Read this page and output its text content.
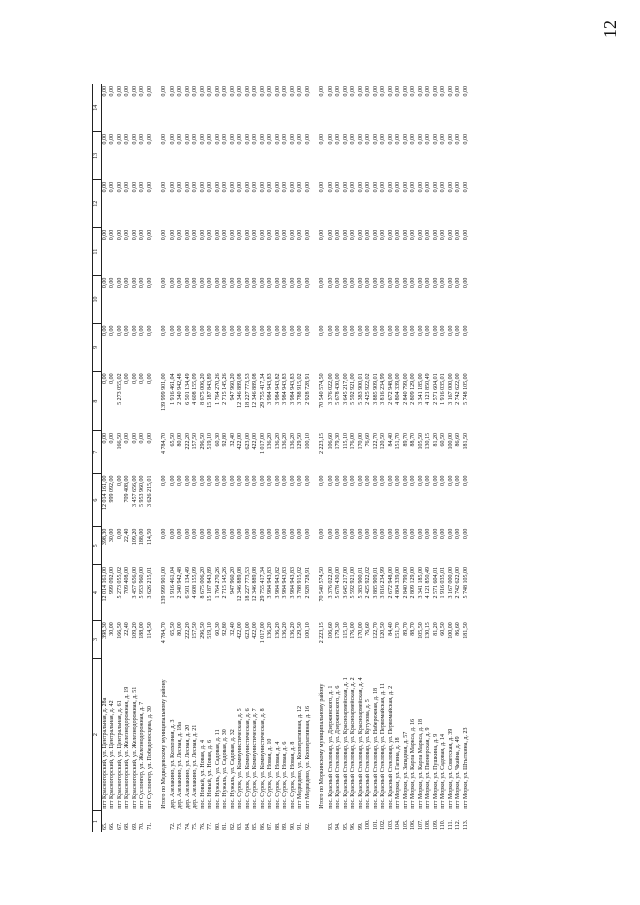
12
1	2	3	4	5	6	7	8	9	10	11	12	13	14
65.	пгт Красногорский, ул. Центральная, д. 28а	398,30	12 014 161,00	398,30	12 014 161,00	0,00	0,00	0,00	0,00	0,00	0,00	0,00	0,00
66.	пгт Красногорский, ул. Центральная, д. 42	30,00	999 092,00	30,00	999 092,00	0,00	0,00	0,00	0,00	0,00	0,00	0,00	0,00
67.	пгт Красногорский, ул. Центральная, д. 61	166,50	5 273 055,02	0,00	0,00	166,50	5 273 055,02	0,00	0,00	0,00	0,00	0,00	0,00
68.	пгт Красногорский, ул. Железнодорожная, д. 19	22,40	709 408,00	22,40	709 408,00	0,00	0,00	0,00	0,00	0,00	0,00	0,00	0,00
69.	пгт Красногорский, ул. Железнодорожная, д. 51	109,20	3 457 656,00	109,20	3 457 656,00	0,00	0,00	0,00	0,00	0,00	0,00	0,00	0,00
70.	пгт Суслонгер, ул. Железнодорожная, д. 7	188,00	5 953 960,00	188,00	5 953 960,00	0,00	0,00	0,00	0,00	0,00	0,00	0,00	0,00
71.	пгт Суслонгер, ул. Победоносцева, д. 30	114,50	3 626 215,01	114,50	3 626 215,01	0,00	0,00	0,00	0,00	0,00	0,00	0,00	0,00

	Итого по Медведевскому муниципальному району	4 784,70	139 999 901,00	0,00	0,00	4 784,70	139 999 901,00	0,00	0,00	0,00	0,00	0,00	0,00
72.	дер. Азелакино, ул. Колхозная, д. 3	65,50	1 916 461,04	0,00	0,00	65,50	1 916 461,04	0,00	0,00	0,00	0,00	0,00	0,00
73.	дер. Азелакино, ул. Лесная, д. 18а	80,00	2 340 942,48	0,00	0,00	80,00	2 340 942,48	0,00	0,00	0,00	0,00	0,00	0,00
74.	дер. Азелакино, ул. Лесная, д. 20	222,20	6 501 134,49	0,00	0,00	222,20	6 501 134,49	0,00	0,00	0,00	0,00	0,00	0,00
75.	дер. Азелакино, ул. Лесная, д. 21	157,50	4 608 155,09	0,00	0,00	157,50	4 608 155,09	0,00	0,00	0,00	0,00	0,00	0,00
76.	пос. Новый, ул. Новая, д. 4	296,50	8 675 006,20	0,00	0,00	296,50	8 675 006,20	0,00	0,00	0,00	0,00	0,00	0,00
77.	пос. Новый, ул. Новая, д. 6	519,10	15 187 843,89	0,00	0,00	519,10	15 187 843,89	0,00	0,00	0,00	0,00	0,00	0,00
80.	пос. Нужаль, ул. Садовая, д. 11	60,30	1 764 270,26	0,00	0,00	60,30	1 764 270,26	0,00	0,00	0,00	0,00	0,00	0,00
81.	пос. Нужаль, ул. Садовая, д. 30	92,80	2 715 145,26	0,00	0,00	92,80	2 715 145,26	0,00	0,00	0,00	0,00	0,00	0,00
82.	пос. Нужаль, ул. Садовая, д. 32	32,40	947 960,20	0,00	0,00	32,40	947 960,20	0,00	0,00	0,00	0,00	0,00	0,00
83.	пос. Сурок, ул. Коммунистическая, д. 5	422,00	12 346 889,08	0,00	0,00	422,00	12 346 889,08	0,00	0,00	0,00	0,00	0,00	0,00
84.	пос. Сурок, ул. Коммунистическая, д. 6	623,00	18 227 773,53	0,00	0,00	623,00	18 227 773,53	0,00	0,00	0,00	0,00	0,00	0,00
85.	пос. Сурок, ул. Коммунистическая, д. 7	422,00	12 346 889,08	0,00	0,00	422,00	12 346 889,08	0,00	0,00	0,00	0,00	0,00	0,00
86.	пос. Сурок, ул. Коммунистическая, д. 8	1 017,00	29 755 417,34	0,00	0,00	1 017,00	29 755 417,34	0,00	0,00	0,00	0,00	0,00	0,00
87.	пос. Сурок, ул. Новая, д. 10	136,20	3 984 943,83	0,00	0,00	136,20	3 984 943,83	0,00	0,00	0,00	0,00	0,00	0,00
88.	пос. Сурок, ул. Новая, д. 4	136,20	3 984 943,82	0,00	0,00	136,20	3 984 943,82	0,00	0,00	0,00	0,00	0,00	0,00
89.	пос. Сурок, ул. Новая, д. 6	136,20	3 984 943,83	0,00	0,00	136,20	3 984 943,83	0,00	0,00	0,00	0,00	0,00	0,00
90.	пос. Сурок, ул. Новая, д. 8	136,20	3 984 943,83	0,00	0,00	136,20	3 984 943,83	0,00	0,00	0,00	0,00	0,00	0,00
91.	пгт Медведево, ул. Кооперативная, д. 12	129,50	3 788 915,02	0,00	0,00	129,50	3 788 915,02	0,00	0,00	0,00	0,00	0,00	0,00
92.	пгт Медведево, ул. Кооперативная, д. 16	100,10	2 928 728,91	0,00	0,00	100,10	2 928 728,91	0,00	0,00	0,00	0,00	0,00	0,00

	Итого по Моркинскому муниципальному району	2 223,15	70 540 574,50	0,00	0,00	2 223,15	70 540 574,50	0,00	0,00	0,00	0,00	0,00	0,00
93.	пос. Красный Стекловар, ул. Дзержинского, д. 1	106,60	3 376 022,00	0,00	0,00	106,60	3 376 022,00	0,00	0,00	0,00	0,00	0,00	0,00
94.	пос. Красный Стекловар, ул. Дзержинского, д. 6	179,30	5 678 430,00	0,00	0,00	179,30	5 678 430,00	0,00	0,00	0,00	0,00	0,00	0,00
95.	пос. Красный Стекловар, ул. Красноармейская, д. 1	115,10	3 645 217,00	0,00	0,00	115,10	3 645 217,00	0,00	0,00	0,00	0,00	0,00	0,00
96.	пос. Красный Стекловар, ул. Красноармейская, д. 2	176,00	5 592 921,00	0,00	0,00	176,00	5 592 921,00	0,00	0,00	0,00	0,00	0,00	0,00
99.	пос. Красный Стекловар, ул. Красноармейская, д. 4	170,00	5 383 900,01	0,00	0,00	170,00	5 383 900,01	0,00	0,00	0,00	0,00	0,00	0,00
100.	пос. Красный Стекловар, ул. Кутузова, д. 5	76,60	2 425 922,02	0,00	0,00	76,60	2 425 922,02	0,00	0,00	0,00	0,00	0,00	0,00
101.	пос. Красный Стекловар, ул. Набережная, д. 18	122,70	3 885 909,01	0,00	0,00	122,70	3 885 909,01	0,00	0,00	0,00	0,00	0,00	0,00
102.	пос. Красный Стекловар, ул. Первомайская, д. 11	120,50	3 816 234,99	0,00	0,00	120,50	3 816 234,99	0,00	0,00	0,00	0,00	0,00	0,00
103.	пос. Красный Стекловар, ул. Первомайская, д. 2	84,40	2 672 948,00	0,00	0,00	84,40	2 672 948,00	0,00	0,00	0,00	0,00	0,00	0,00
104.	пгт Морки, ул. Гагина, д. 18	151,70	4 804 339,00	0,00	0,00	151,70	4 804 339,00	0,00	0,00	0,00	0,00	0,00	0,00
105.	пгт Морки, ул. Западная, д. 57	89,70	2 840 799,00	0,00	0,00	89,70	2 840 799,00	0,00	0,00	0,00	0,00	0,00	0,00
106.	пгт Морки, ул. Карла Маркса, д. 16	88,70	2 809 129,00	0,00	0,00	88,70	2 809 129,00	0,00	0,00	0,00	0,00	0,00	0,00
107.	пгт Морки, ул. Карла Маркса, д. 18	105,50	3 341 185,00	0,00	0,00	105,50	3 341 185,00	0,00	0,00	0,00	0,00	0,00	0,00
108.	пгт Морки, ул. Пионерская, д. 9	130,15	4 121 850,49	0,00	0,00	130,15	4 121 850,49	0,00	0,00	0,00	0,00	0,00	0,00
109.	пгт Морки, ул. Пушкина, д. 9	81,20	2 571 604,01	0,00	0,00	81,20	2 571 604,01	0,00	0,00	0,00	0,00	0,00	0,00
110.	пгт Морки, ул. Садовая, д. 14	60,50	1 916 035,01	0,00	0,00	60,50	1 916 035,01	0,00	0,00	0,00	0,00	0,00	0,00
111.	пгт Морки, ул. Советская, д. 39	100,00	3 167 000,00	0,00	0,00	100,00	3 167 000,00	0,00	0,00	0,00	0,00	0,00	0,00
112.	пгт Морки, ул. Чкайна, д. 49	86,60	2 742 622,00	0,00	0,00	86,60	2 742 622,00	0,00	0,00	0,00	0,00	0,00	0,00
113.	пгт Морки, ул. Штыткина, д. 23	181,50	5 748 105,00	0,00	0,00	181,50	5 748 105,00	0,00	0,00	0,00	0,00	0,00	0,00
